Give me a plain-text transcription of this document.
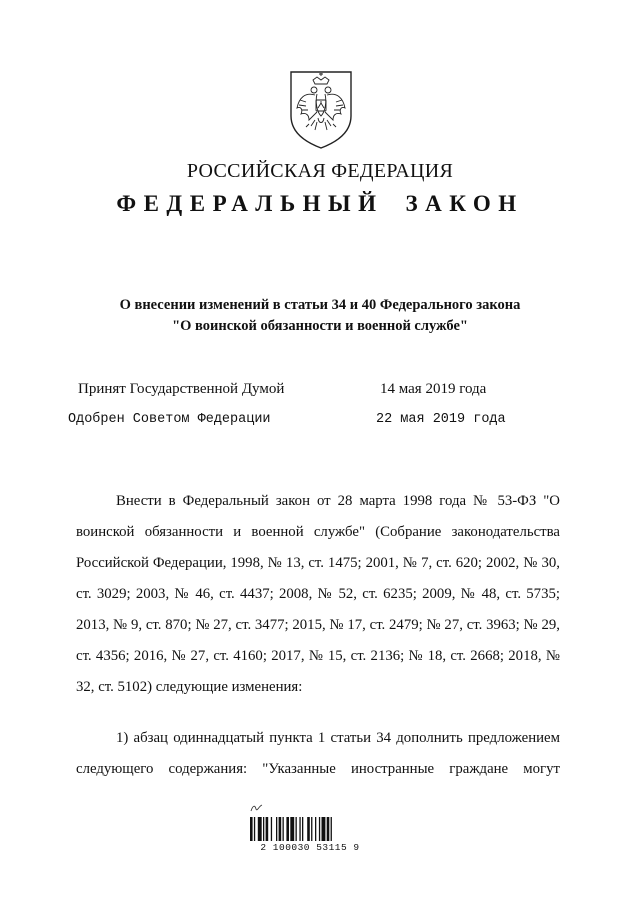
РОССИЙСКАЯ ФЕДЕРАЦИЯ
ФЕДЕРАЛЬНЫЙ ЗАКОН
О внесении изменений в статьи 34 и 40 Федерального закона
"О воинской обязанности и военной службе"
Принят Государственной Думой	14 мая 2019 года
Одобрен Советом Федерации	22 мая 2019 года

Внести в Федеральный закон от 28 марта 1998 года № 53-ФЗ "О воинской обязанности и военной службе" (Собрание законодательства Российской Федерации, 1998, № 13, ст. 1475; 2001, № 7, ст. 620; 2002, № 30, ст. 3029; 2003, № 46, ст. 4437; 2008, № 52, ст. 6235; 2009, № 48, ст. 5735; 2013, № 9, ст. 870; № 27, ст. 3477; 2015, № 17, ст. 2479; № 27, ст. 3963; № 29, ст. 4356; 2016, № 27, ст. 4160; 2017, № 15, ст. 2136; № 18, ст. 2668; 2018, № 32, ст. 5102) следующие изменения:

1) абзац одиннадцатый пункта 1 статьи 34 дополнить предложением следующего содержания: "Указанные иностранные граждане могут

2 100030 53115 9
